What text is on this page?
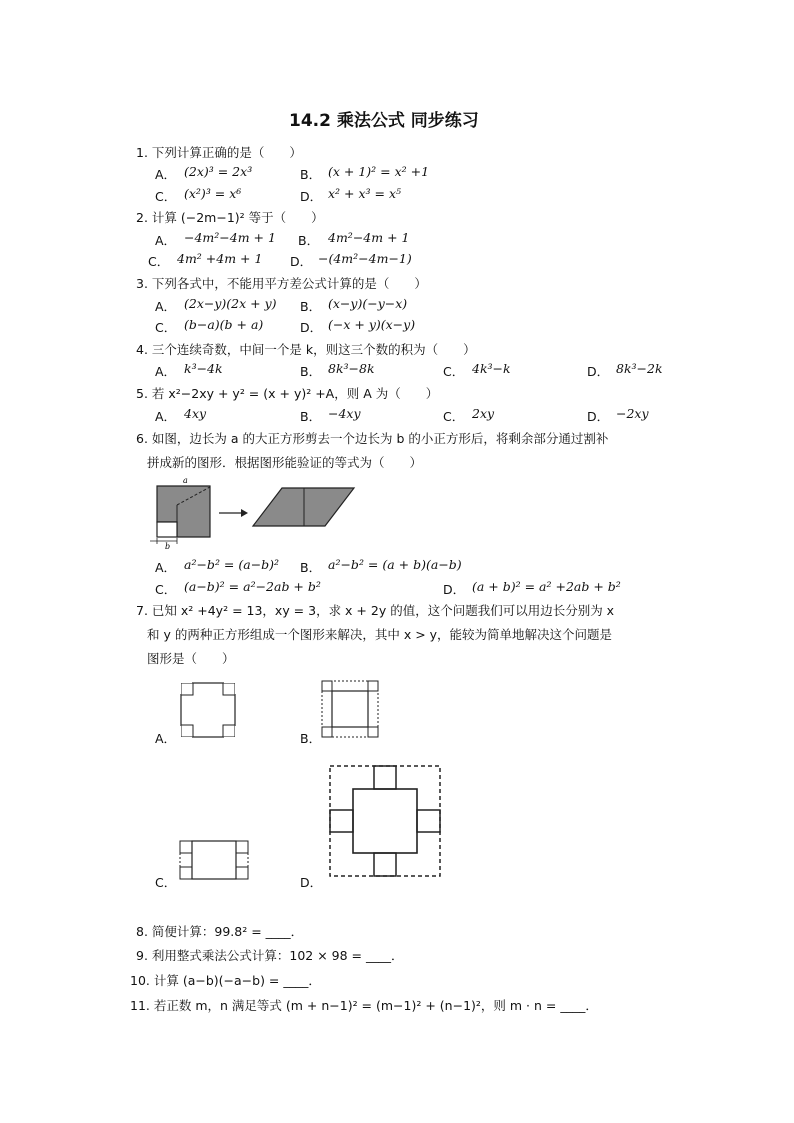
14.2 乘法公式 同步练习
1. 下列计算正确的是（　　）
A． (2x)³ = 2x³	B． (x + 1)² = x² +1
C． (x²)³ = x⁶	D． x² + x³ = x⁵
2. 计算 (−2m−1)² 等于（　　）
A． −4m²−4m + 1 B． 4m²−4m + 1
C． 4m² +4m + 1 D． −(4m²−4m−1)
3. 下列各式中，不能用平方差公式计算的是（　　）
A． (2x−y)(2x + y) B． (x−y)(−y−x)
C． (b−a)(b + a)	D． (−x + y)(x−y)
4. 三个连续奇数，中间一个是 k，则这三个数的积为（　　）
A． k³−4k	B． 8k³−8k	C． 4k³−k	D． 8k³−2k
5. 若 x²−2xy + y² = (x + y)² +A，则 A 为（　　）
A． 4xy	B． −4xy	C． 2xy	D． −2xy
6. 如图，边长为 a 的大正方形剪去一个边长为 b 的小正方形后，将剩余部分通过割补
拼成新的图形．根据图形能验证的等式为（　　）
a
b
A． a²−b² = (a−b)² B． a²−b² = (a + b)(a−b)
C． (a−b)² = a²−2ab + b²	D． (a + b)² = a² +2ab + b²
7. 已知 x² +4y² = 13，xy = 3，求 x + 2y 的值，这个问题我们可以用边长分别为 x
和 y 的两种正方形组成一个图形来解决，其中 x > y，能较为简单地解决这个问题是
图形是（　　）
A．	B．
C．	D．
8. 简便计算：99.8² = ____．
9. 利用整式乘法公式计算：102 × 98 = ____．
10. 计算 (a−b)(−a−b) = ____．
11. 若正数 m，n 满足等式 (m + n−1)² = (m−1)² + (n−1)²，则 m · n = ____．
